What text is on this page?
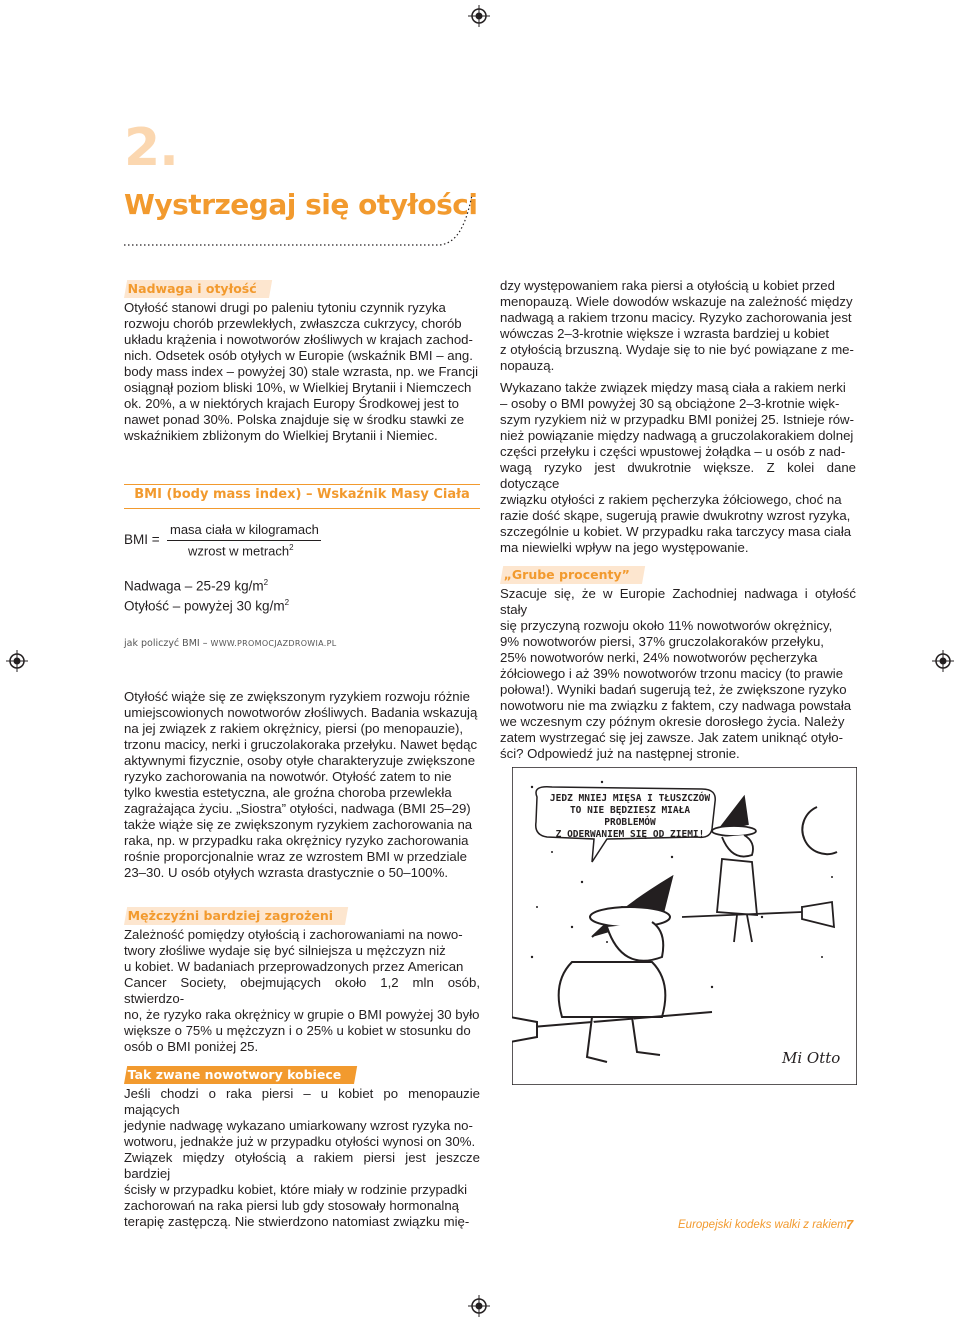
2.
Wystrzegaj się otyłości
Nadwaga i otyłość
Otyłość stanowi drugi po paleniu tytoniu czynnik ryzyka
rozwoju chorób przewlekłych, zwłaszcza cukrzycy, chorób
układu krążenia i nowotworów złośliwych w krajach zachod-
nich. Odsetek osób otyłych w Europie (wskaźnik BMI – ang.
body mass index – powyżej 30) stale wzrasta, np. we Francji
osiągnął poziom bliski 10%, w Wielkiej Brytanii i Niemczech
ok. 20%, a w niektórych krajach Europy Środkowej jest to
nawet ponad 30%. Polska znajduje się w środku stawki ze
wskaźnikiem zbliżonym do Wielkiej Brytanii i Niemiec.
BMI (body mass index) – Wskaźnik Masy Ciała
BMI =
masa ciała w kilogramach
wzrost w metrach$^2$
Nadwaga – 25-29 $kg/m^2$
Otyłość – powyżej 30 $kg/m^2$
jak policzyć BMI – WWW.PROMOCJAZDROWIA.PL
Otyłość wiąże się ze zwiększonym ryzykiem rozwoju różnie
umiejscowionych nowotworów złośliwych. Badania wskazują
na jej związek z rakiem okrężnicy, piersi (po menopauzie),
trzonu macicy, nerki i gruczolakoraka przełyku. Nawet będąc
aktywnymi fizycznie, osoby otyłe charakteryzuje zwiększone
ryzyko zachorowania na nowotwór. Otyłość zatem to nie
tylko kwestia estetyczna, ale groźna choroba przewlekła
zagrażająca życiu. „Siostra” otyłości, nadwaga (BMI 25–29)
także wiąże się ze zwiększonym ryzykiem zachorowania na
raka, np. w przypadku raka okrężnicy ryzyko zachorowania
rośnie proporcjonalnie wraz ze wzrostem BMI w przedziale
23–30. U osób otyłych wzrasta drastycznie o 50–100%.
Mężczyźni bardziej zagrożeni
Zależność pomiędzy otyłością i zachorowaniami na nowo-
twory złośliwe wydaje się być silniejsza u mężczyzn niż
u kobiet. W badaniach przeprowadzonych przez American
Cancer Society, obejmujących około 1,2 mln osób, stwierdzo-
no, że ryzyko raka okrężnicy w grupie o BMI powyżej 30 było
większe o 75% u mężczyzn i o 25% u kobiet w stosunku do
osób o BMI poniżej 25.
Tak zwane nowotwory kobiece
Jeśli chodzi o raka piersi – u kobiet po menopauzie mających
jedynie nadwagę wykazano umiarkowany wzrost ryzyka no-
wotworu, jednakże już w przypadku otyłości wynosi on 30%.
Związek między otyłością a rakiem piersi jest jeszcze bardziej
ścisły w przypadku kobiet, które miały w rodzinie przypadki
zachorowań na raka piersi lub gdy stosowały hormonalną
terapię zastępczą. Nie stwierdzono natomiast związku mię-
dzy występowaniem raka piersi a otyłością u kobiet przed
menopauzą. Wiele dowodów wskazuje na zależność między
nadwagą a rakiem trzonu macicy. Ryzyko zachorowania jest
wówczas 2–3-krotnie większe i wzrasta bardziej u kobiet
z otyłością brzuszną. Wydaje się to nie być powiązane z me-
nopauzą.
Wykazano także związek między masą ciała a rakiem nerki
– osoby o BMI powyżej 30 są obciążone 2–3-krotnie więk-
szym ryzykiem niż w przypadku BMI poniżej 25. Istnieje rów-
nież powiązanie między nadwagą a gruczolakorakiem dolnej
części przełyku i części wpustowej żołądka – u osób z nad-
wagą ryzyko jest dwukrotnie większe. Z kolei dane dotyczące
związku otyłości z rakiem pęcherzyka żółciowego, choć na
razie dość skąpe, sugerują prawie dwukrotny wzrost ryzyka,
szczególnie u kobiet. W przypadku raka tarczycy masa ciała
ma niewielki wpływ na jego występowanie.
„Grube procenty”
Szacuje się, że w Europie Zachodniej nadwaga i otyłość stały
się przyczyną rozwoju około 11% nowotworów okrężnicy,
9% nowotworów piersi, 37% gruczolakoraków przełyku,
25% nowotworów nerki, 24% nowotworów pęcherzyka
żółciowego i aż 39% nowotworów trzonu macicy (to prawie
połowa!). Wyniki badań sugerują też, że zwiększone ryzyko
nowotworu nie ma związku z faktem, czy nadwaga powstała
we wczesnym czy późnym okresie dorosłego życia. Należy
zatem wystrzegać się jej zawsze. Jak zatem uniknąć otyło-
ści? Odpowiedź już na następnej stronie.
JEDZ MNIEJ MIĘSA I TŁUSZCZÓW
TO NIE BĘDZIESZ MIAŁA PROBLEMÓW
Z ODERWANIEM SIĘ OD ZIEMI!
Mi Otto
Europejski kodeks walki z rakiem 7
